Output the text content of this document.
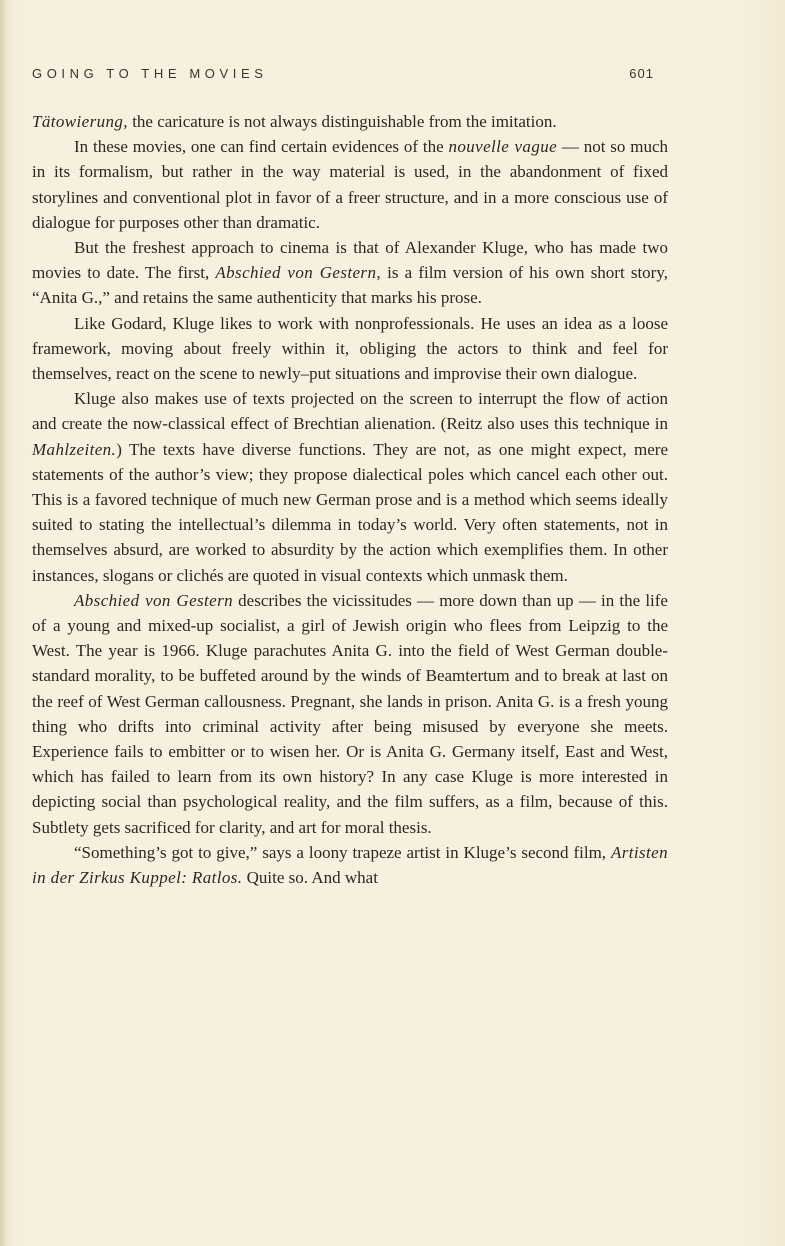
GOING TO THE MOVIES	601

Tätowierung, the caricature is not always distinguishable from the imitation.

In these movies, one can find certain evidences of the nouvelle vague — not so much in its formalism, but rather in the way material is used, in the abandonment of fixed storylines and conventional plot in favor of a freer structure, and in a more conscious use of dialogue for purposes other than dramatic.

But the freshest approach to cinema is that of Alexander Kluge, who has made two movies to date. The first, Abschied von Gestern, is a film version of his own short story, “Anita G.,” and retains the same authenticity that marks his prose.

Like Godard, Kluge likes to work with nonprofessionals. He uses an idea as a loose framework, moving about freely within it, obliging the actors to think and feel for themselves, react on the scene to newly–put situations and improvise their own dialogue.

Kluge also makes use of texts projected on the screen to interrupt the flow of action and create the now-classical effect of Brechtian alienation. (Reitz also uses this technique in Mahlzeiten.) The texts have diverse functions. They are not, as one might expect, mere statements of the author’s view; they propose dialectical poles which cancel each other out. This is a favored technique of much new German prose and is a method which seems ideally suited to stating the intellectual’s dilemma in today’s world. Very often statements, not in themselves absurd, are worked to absurdity by the action which exemplifies them. In other instances, slogans or clichés are quoted in visual contexts which unmask them.

Abschied von Gestern describes the vicissitudes — more down than up — in the life of a young and mixed-up socialist, a girl of Jewish origin who flees from Leipzig to the West. The year is 1966. Kluge parachutes Anita G. into the field of West German double-standard morality, to be buffeted around by the winds of Beamtertum and to break at last on the reef of West German callousness. Pregnant, she lands in prison. Anita G. is a fresh young thing who drifts into criminal activity after being misused by everyone she meets. Experience fails to embitter or to wisen her. Or is Anita G. Germany itself, East and West, which has failed to learn from its own history? In any case Kluge is more interested in depicting social than psychological reality, and the film suffers, as a film, because of this. Subtlety gets sacrificed for clarity, and art for moral thesis.

“Something’s got to give,” says a loony trapeze artist in Kluge’s second film, Artisten in der Zirkus Kuppel: Ratlos. Quite so. And what
